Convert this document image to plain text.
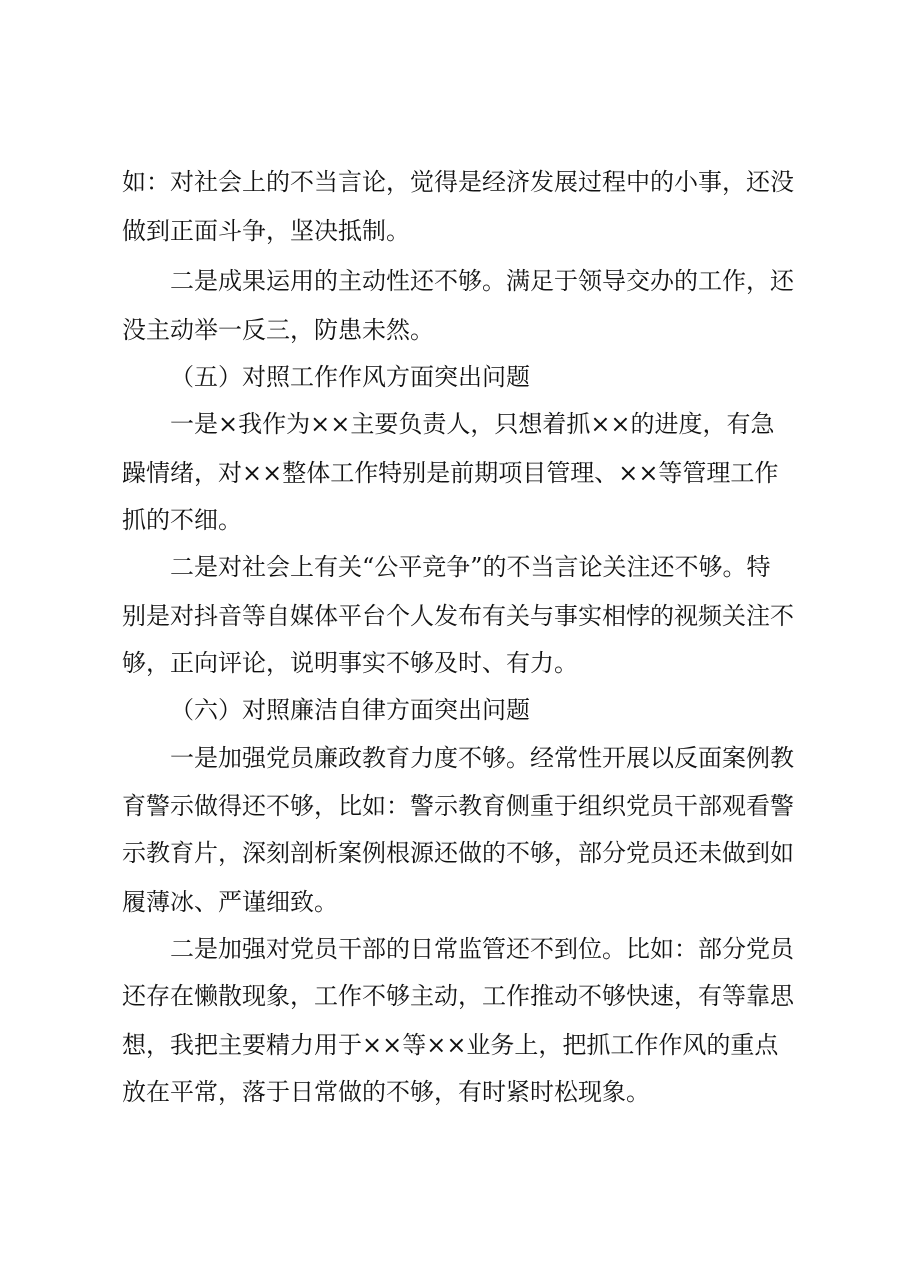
如：对社会上的不当言论，觉得是经济发展过程中的小事，还没
做到正面斗争，坚决抵制。
二是成果运用的主动性还不够。满足于领导交办的工作，还
没主动举一反三，防患未然。
（五）对照工作作风方面突出问题
一是×我作为××主要负责人，只想着抓××的进度，有急
躁情绪，对××整体工作特别是前期项目管理、××等管理工作
抓的不细。
二是对社会上有关“公平竞争”的不当言论关注还不够。特
别是对抖音等自媒体平台个人发布有关与事实相悖的视频关注不
够，正向评论，说明事实不够及时、有力。
（六）对照廉洁自律方面突出问题
一是加强党员廉政教育力度不够。经常性开展以反面案例教
育警示做得还不够，比如：警示教育侧重于组织党员干部观看警
示教育片，深刻剖析案例根源还做的不够，部分党员还未做到如
履薄冰、严谨细致。
二是加强对党员干部的日常监管还不到位。比如：部分党员
还存在懒散现象，工作不够主动，工作推动不够快速，有等靠思
想，我把主要精力用于××等××业务上，把抓工作作风的重点
放在平常，落于日常做的不够，有时紧时松现象。
